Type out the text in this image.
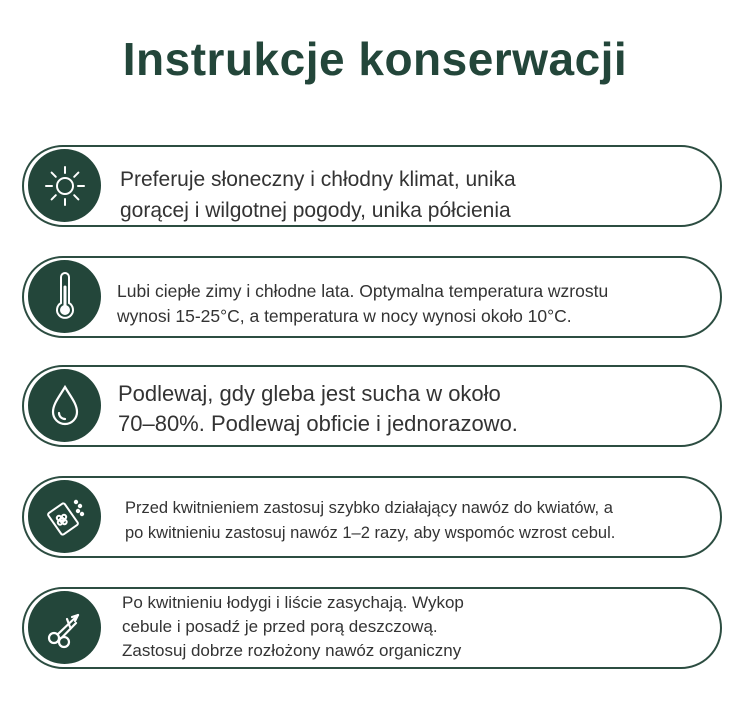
Instrukcje konserwacji
Preferuje słoneczny i chłodny klimat, unika
gorącej i wilgotnej pogody, unika półcienia
Lubi ciepłe zimy i chłodne lata. Optymalna temperatura wzrostu
wynosi 15-25°C, a temperatura w nocy wynosi około 10°C.
Podlewaj, gdy gleba jest sucha w około
70–80%. Podlewaj obficie i jednorazowo.
Przed kwitnieniem zastosuj szybko działający nawóz do kwiatów, a
po kwitnieniu zastosuj nawóz 1–2 razy, aby wspomóc wzrost cebul.
Po kwitnieniu łodygi i liście zasychają. Wykop
cebule i posadź je przed porą deszczową.
Zastosuj dobrze rozłożony nawóz organiczny
